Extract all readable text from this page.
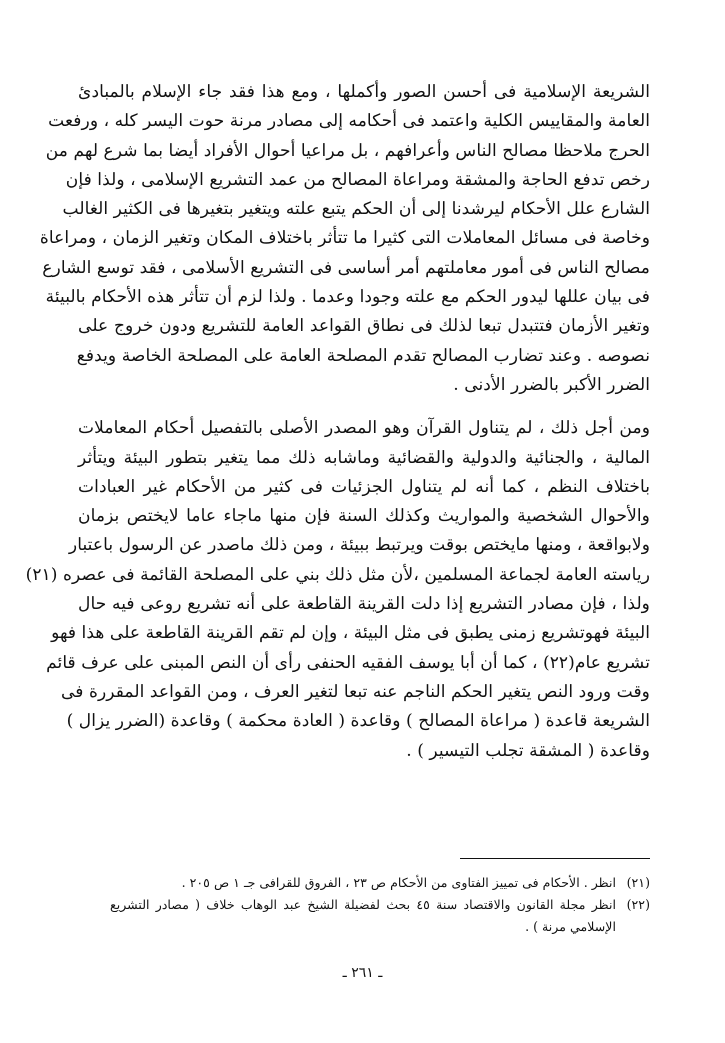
الشريعة الإسلامية فى أحسن الصور وأكملها ، ومع هذا فقد جاء الإسلام بالمبادئ
العامة والمقاييس الكلية واعتمد فى أحكامه إلى مصادر مرنة حوت اليسر كله ، ورفعت
الحرج ملاحظا مصالح الناس وأعرافهم ، بل مراعيا أحوال الأفراد أيضا بما شرع لهم من
رخص تدفع الحاجة والمشقة ومراعاة المصالح من عمد التشريع الإسلامى ، ولذا فإن
الشارع علل الأحكام ليرشدنا إلى أن الحكم يتبع علته ويتغير بتغيرها فى الكثير الغالب
وخاصة فى مسائل المعاملات التى كثيرا ما تتأثر باختلاف المكان وتغير الزمان ، ومراعاة
مصالح الناس فى أمور معاملتهم أمر أساسى فى التشريع الأسلامى ، فقد توسع الشارع
فى بيان عللها ليدور الحكم مع علته وجودا وعدما . ولذا لزم أن تتأثر هذه الأحكام بالبيئة
وتغير الأزمان فتتبدل تبعا لذلك فى نطاق القواعد العامة للتشريع ودون خروج على
نصوصه . وعند تضارب المصالح تقدم المصلحة العامة على المصلحة الخاصة ويدفع
الضرر الأكبر بالضرر الأدنى .
ومن أجل ذلك ، لم يتناول القرآن وهو المصدر الأصلى بالتفصيل أحكام المعاملات
المالية ، والجنائية والدولية والقضائية وماشابه ذلك مما يتغير بتطور البيئة ويتأثر
باختلاف النظم ، كما أنه لم يتناول الجزئيات فى كثير من الأحكام غير العبادات
والأحوال الشخصية والمواريث وكذلك السنة فإن منها ماجاء عاما لايختص بزمان
ولابواقعة ، ومنها مايختص بوقت ويرتبط ببيئة ، ومن ذلك ماصدر عن الرسول باعتبار
رياسته العامة لجماعة المسلمين ،لأن مثل ذلك بني على المصلحة القائمة فى عصره (٢١)
ولذا ، فإن مصادر التشريع إذا دلت القرينة القاطعة على أنه تشريع روعى فيه حال
البيئة فهوتشريع زمنى يطبق فى مثل البيئة ، وإن لم تقم القرينة القاطعة على هذا فهو
تشريع عام(٢٢) ، كما أن أبا يوسف الفقيه الحنفى رأى أن النص المبنى على عرف قائم
وقت ورود النص يتغير الحكم الناجم عنه تبعا لتغير العرف ، ومن القواعد المقررة فى
الشريعة قاعدة ( مراعاة المصالح ) وقاعدة ( العادة محكمة ) وقاعدة (الضرر يزال )
وقاعدة ( المشقة تجلب التيسير ) .
(٢١)
انظر . الأحكام فى تمييز الفتاوى من الأحكام ص ٢٣ ، الفروق للقرافى جـ ١ ص ٢٠٥ .
(٢٢)
انظر مجلة القانون والاقتصاد سنة ٤٥ بحث لفضيلة الشيخ عبد الوهاب خلاف ( مصادر التشريع
الإسلامي مرنة ) .
ـ ٢٦١ ـ
